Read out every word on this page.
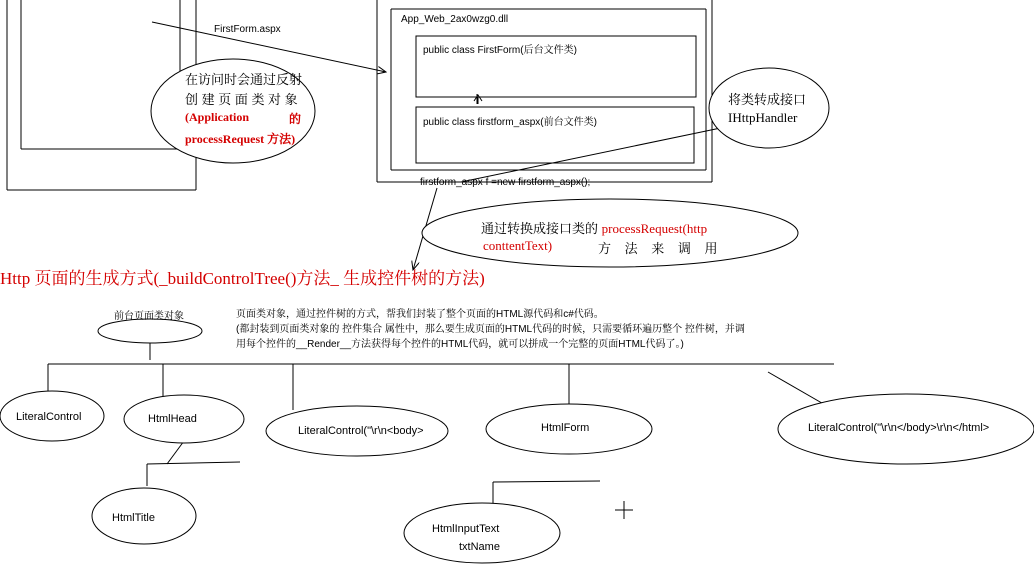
FirstForm.aspx
App_Web_2ax0wzg0.dll
public class FirstForm(后台文件类)
public class firstform_aspx(前台文件类)
firstform_aspx f =new firstform_aspx();
在访问时会通过反射
创 建 页 面 类 对 象
(Application	的
processRequest 方法)
将类转成接口
IHttpHandler
通过转换成接口类的 processRequest(http
conttentText)	方 法 来 调 用
Http 页面的生成方式(_buildControlTree()方法_ 生成控件树的方法)
前台页面类对象	页面类对象，通过控件树的方式，帮我们封装了整个页面的HTML源代码和c#代码。
(都封装到页面类对象的 控件集合 属性中，那么要生成页面的HTML代码的时候，只需要循环遍历整个 控件树，并调
用每个控件的__Render__方法获得每个控件的HTML代码，就可以拼成一个完整的页面HTML代码了。)
LiteralControl	HtmlHead
LiteralControl("\r\n<body>	HtmlForm	LiteralControl("\r\n</body>\r\n</html>
HtmlTitle
HtmlInputText
txtName
